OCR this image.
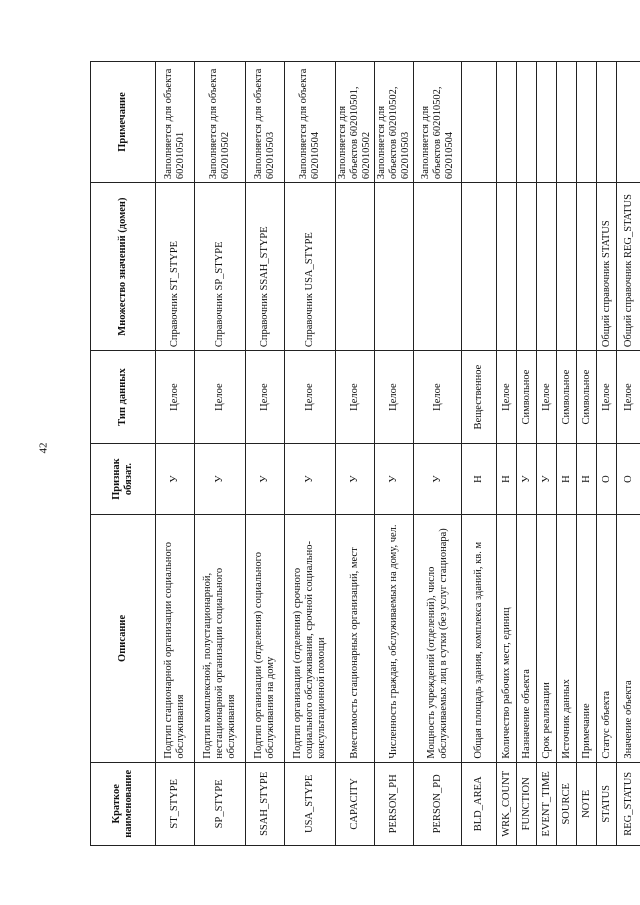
42
Краткое наименование	Описание	Признак обязат.	Тип данных	Множество значений (домен)	Примечание
ST_STYPE	Подтип стационарной организации социального обслуживания	У	Целое	Справочник ST_STYPE	Заполняется для объекта 602010501
SP_STYPE	Подтип комплексной, полустационарной, нестационарной организации социального обслуживания	У	Целое	Справочник SP_STYPE	Заполняется для объекта 602010502
SSAH_STYPE	Подтип организации (отделения) социального обслуживания на дому	У	Целое	Справочник SSAH_STYPE	Заполняется для объекта 602010503
USA_STYPE	Подтип организации (отделения) срочного социального обслуживания, срочной социально-консультационной помощи	У	Целое	Справочник USA_STYPE	Заполняется для объекта 602010504
CAPACITY	Вместимость стационарных организаций, мест	У	Целое		Заполняется для объектов 602010501, 602010502
PERSON_PH	Численность граждан, обслуживаемых на дому, чел.	У	Целое		Заполняется для объектов 602010502, 602010503
PERSON_PD	Мощность учреждений (отделений), число обслуживаемых лиц в сутки (без услуг стационара)	У	Целое		Заполняется для объектов 602010502, 602010504
BLD_AREA	Общая площадь здания, комплекса зданий, кв. м	Н	Вещественное		
WRK_COUNT	Количество рабочих мест, единиц	Н	Целое		
FUNCTION	Назначение объекта	У	Символьное		
EVENT_TIME	Срок реализации	У	Целое		
SOURCE	Источник данных	Н	Символьное		
NOTE	Примечание	Н	Символьное		
STATUS	Статус объекта	О	Целое	Общий справочник STATUS	
REG_STATUS	Значение объекта	О	Целое	Общий справочник REG_STATUS	
